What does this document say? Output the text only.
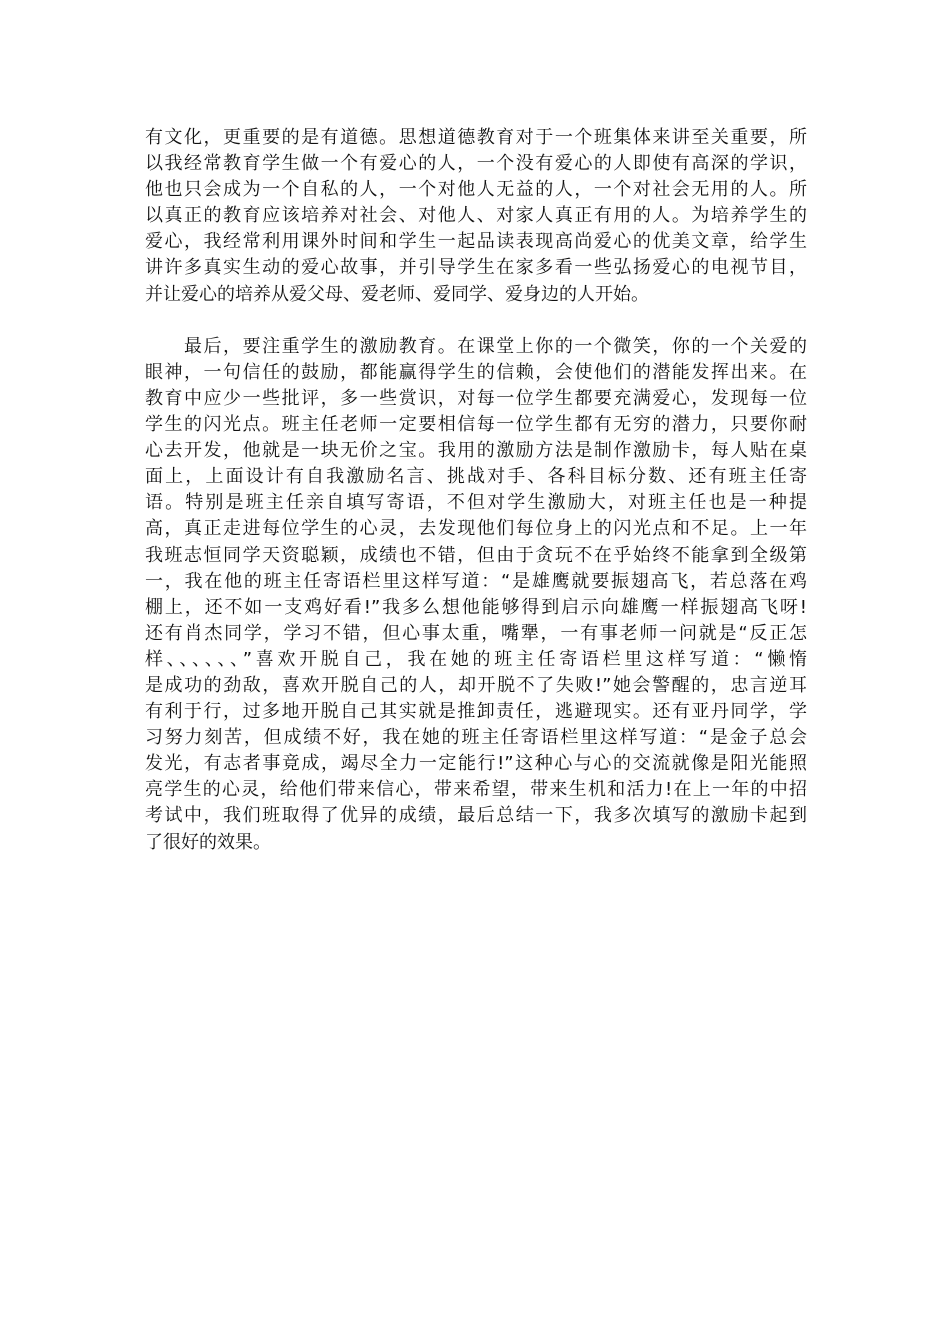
有文化，更重要的是有道德。思想道德教育对于一个班集体来讲至关重要，所
以我经常教育学生做一个有爱心的人，一个没有爱心的人即使有高深的学识，
他也只会成为一个自私的人，一个对他人无益的人，一个对社会无用的人。所
以真正的教育应该培养对社会、对他人、对家人真正有用的人。为培养学生的
爱心，我经常利用课外时间和学生一起品读表现高尚爱心的优美文章，给学生
讲许多真实生动的爱心故事，并引导学生在家多看一些弘扬爱心的电视节目，
并让爱心的培养从爱父母、爱老师、爱同学、爱身边的人开始。
　　最后，要注重学生的激励教育。在课堂上你的一个微笑，你的一个关爱的
眼神，一句信任的鼓励，都能赢得学生的信赖，会使他们的潜能发挥出来。在
教育中应少一些批评，多一些赏识，对每一位学生都要充满爱心，发现每一位
学生的闪光点。班主任老师一定要相信每一位学生都有无穷的潜力，只要你耐
心去开发，他就是一块无价之宝。我用的激励方法是制作激励卡，每人贴在桌
面上，上面设计有自我激励名言、挑战对手、各科目标分数、还有班主任寄
语。特别是班主任亲自填写寄语，不但对学生激励大，对班主任也是一种提
高，真正走进每位学生的心灵，去发现他们每位身上的闪光点和不足。上一年
我班志恒同学天资聪颖，成绩也不错，但由于贪玩不在乎始终不能拿到全级第
一，我在他的班主任寄语栏里这样写道：“是雄鹰就要振翅高飞，若总落在鸡
棚上，还不如一支鸡好看!”我多么想他能够得到启示向雄鹰一样振翅高飞呀!
还有肖杰同学，学习不错，但心事太重，嘴犟，一有事老师一问就是“反正怎
样、、、、、、”喜欢开脱自己，我在她的班主任寄语栏里这样写道：“懒惰
是成功的劲敌，喜欢开脱自己的人，却开脱不了失败!”她会警醒的，忠言逆耳
有利于行，过多地开脱自己其实就是推卸责任，逃避现实。还有亚丹同学，学
习努力刻苦，但成绩不好，我在她的班主任寄语栏里这样写道：“是金子总会
发光，有志者事竟成，竭尽全力一定能行!”这种心与心的交流就像是阳光能照
亮学生的心灵，给他们带来信心，带来希望，带来生机和活力!在上一年的中招
考试中，我们班取得了优异的成绩，最后总结一下，我多次填写的激励卡起到
了很好的效果。
